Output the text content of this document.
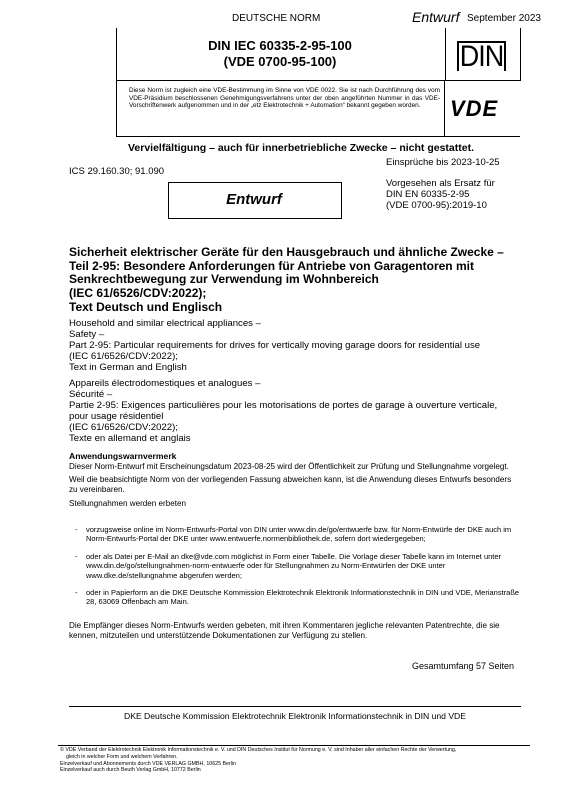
DEUTSCHE NORM	Entwurf September 2023
DIN IEC 60335-2-95-100
(VDE 0700-95-100)	DIN
Diese Norm ist zugleich eine VDE-Bestimmung im Sinne von VDE 0022. Sie ist nach Durchführung des vom VDE-Präsidium beschlossenen Genehmigungsverfahrens unter der oben angeführten Nummer in das VDE-Vorschriftenwerk aufgenommen und in der „etz Elektrotechnik + Automation“ bekannt gegeben worden.	VDE
Vervielfältigung – auch für innerbetriebliche Zwecke – nicht gestattet.
Einsprüche bis 2023-10-25
ICS 29.160.30; 91.090
Vorgesehen als Ersatz für
DIN EN 60335-2-95
(VDE 0700-95):2019-10
Entwurf
Sicherheit elektrischer Geräte für den Hausgebrauch und ähnliche Zwecke –
Teil 2-95: Besondere Anforderungen für Antriebe von Garagentoren mit
Senkrechtbewegung zur Verwendung im Wohnbereich
(IEC 61/6526/CDV:2022);
Text Deutsch und Englisch
Household and similar electrical appliances –
Safety –
Part 2-95: Particular requirements for drives for vertically moving garage doors for residential use
(IEC 61/6526/CDV:2022);
Text in German and English
Appareils électrodomestiques et analogues –
Sécurité –
Partie 2-95: Exigences particulières pour les motorisations de portes de garage à ouverture verticale,
pour usage résidentiel
(IEC 61/6526/CDV:2022);
Texte en allemand et anglais
Anwendungswarnvermerk

Dieser Norm-Entwurf mit Erscheinungsdatum 2023-08-25 wird der Öffentlichkeit zur Prüfung und Stellungnahme vorgelegt.

Weil die beabsichtigte Norm von der vorliegenden Fassung abweichen kann, ist die Anwendung dieses Entwurfs besonders zu vereinbaren.

Stellungnahmen werden erbeten

- vorzugsweise online im Norm-Entwurfs-Portal von DIN unter www.din.de/go/entwuerfe bzw. für Norm-Entwürfe der DKE auch im Norm-Entwurfs-Portal der DKE unter www.entwuerfe.normenbibliothek.de, sofern dort wiedergegeben;
- oder als Datei per E-Mail an dke@vde.com möglichst in Form einer Tabelle. Die Vorlage dieser Tabelle kann im Internet unter www.din.de/go/stellungnahmen-norm-entwuerfe oder für Stellungnahmen zu Norm-Entwürfen der DKE unter www.dke.de/stellungnahme abgerufen werden;
- oder in Papierform an die DKE Deutsche Kommission Elektrotechnik Elektronik Informationstechnik in DIN und VDE, Merianstraße 28, 63069 Offenbach am Main.
Die Empfänger dieses Norm-Entwurfs werden gebeten, mit ihren Kommentaren jegliche relevanten Patentrechte, die sie kennen, mitzuteilen und unterstützende Dokumentationen zur Verfügung zu stellen.
Gesamtumfang 57 Seiten
DKE Deutsche Kommission Elektrotechnik Elektronik Informationstechnik in DIN und VDE
© VDE Verband der Elektrotechnik Elektronik Informationstechnik e. V. und DIN Deutsches Institut für Normung e. V. sind Inhaber aller einfachen Rechte der Verwertung,
gleich in welcher Form und welchem Verfahren.
Einzelverkauf und Abonnements durch VDE VERLAG GMBH, 10625 Berlin
Einzelverkauf auch durch Beuth Verlag GmbH, 10772 Berlin
